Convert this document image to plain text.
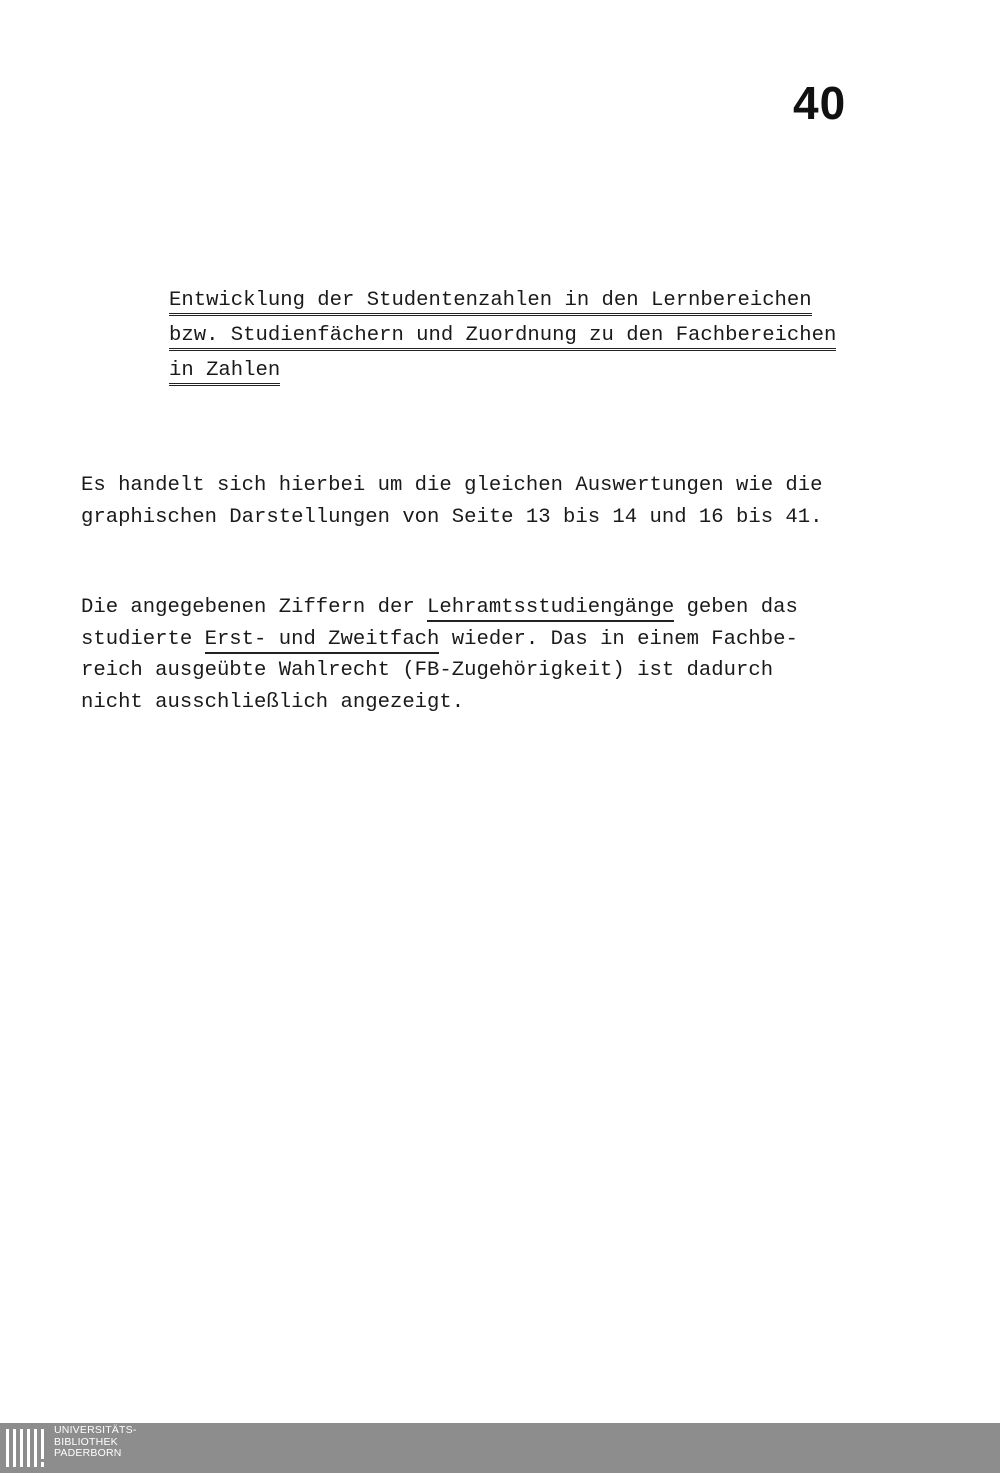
40
Entwicklung der Studentenzahlen in den Lernbereichen
bzw. Studienfächern und Zuordnung zu den Fachbereichen
in Zahlen
Es handelt sich hierbei um die gleichen Auswertungen wie die
graphischen Darstellungen von Seite 13 bis 14 und 16 bis 41.
Die angegebenen Ziffern der Lehramtsstudiengänge geben das
studierte Erst- und Zweitfach wieder. Das in einem Fachbe-
reich ausgeübte Wahlrecht (FB-Zugehörigkeit) ist dadurch
nicht ausschließlich angezeigt.
UNIVERSITÄTS-
BIBLIOTHEK
PADERBORN
